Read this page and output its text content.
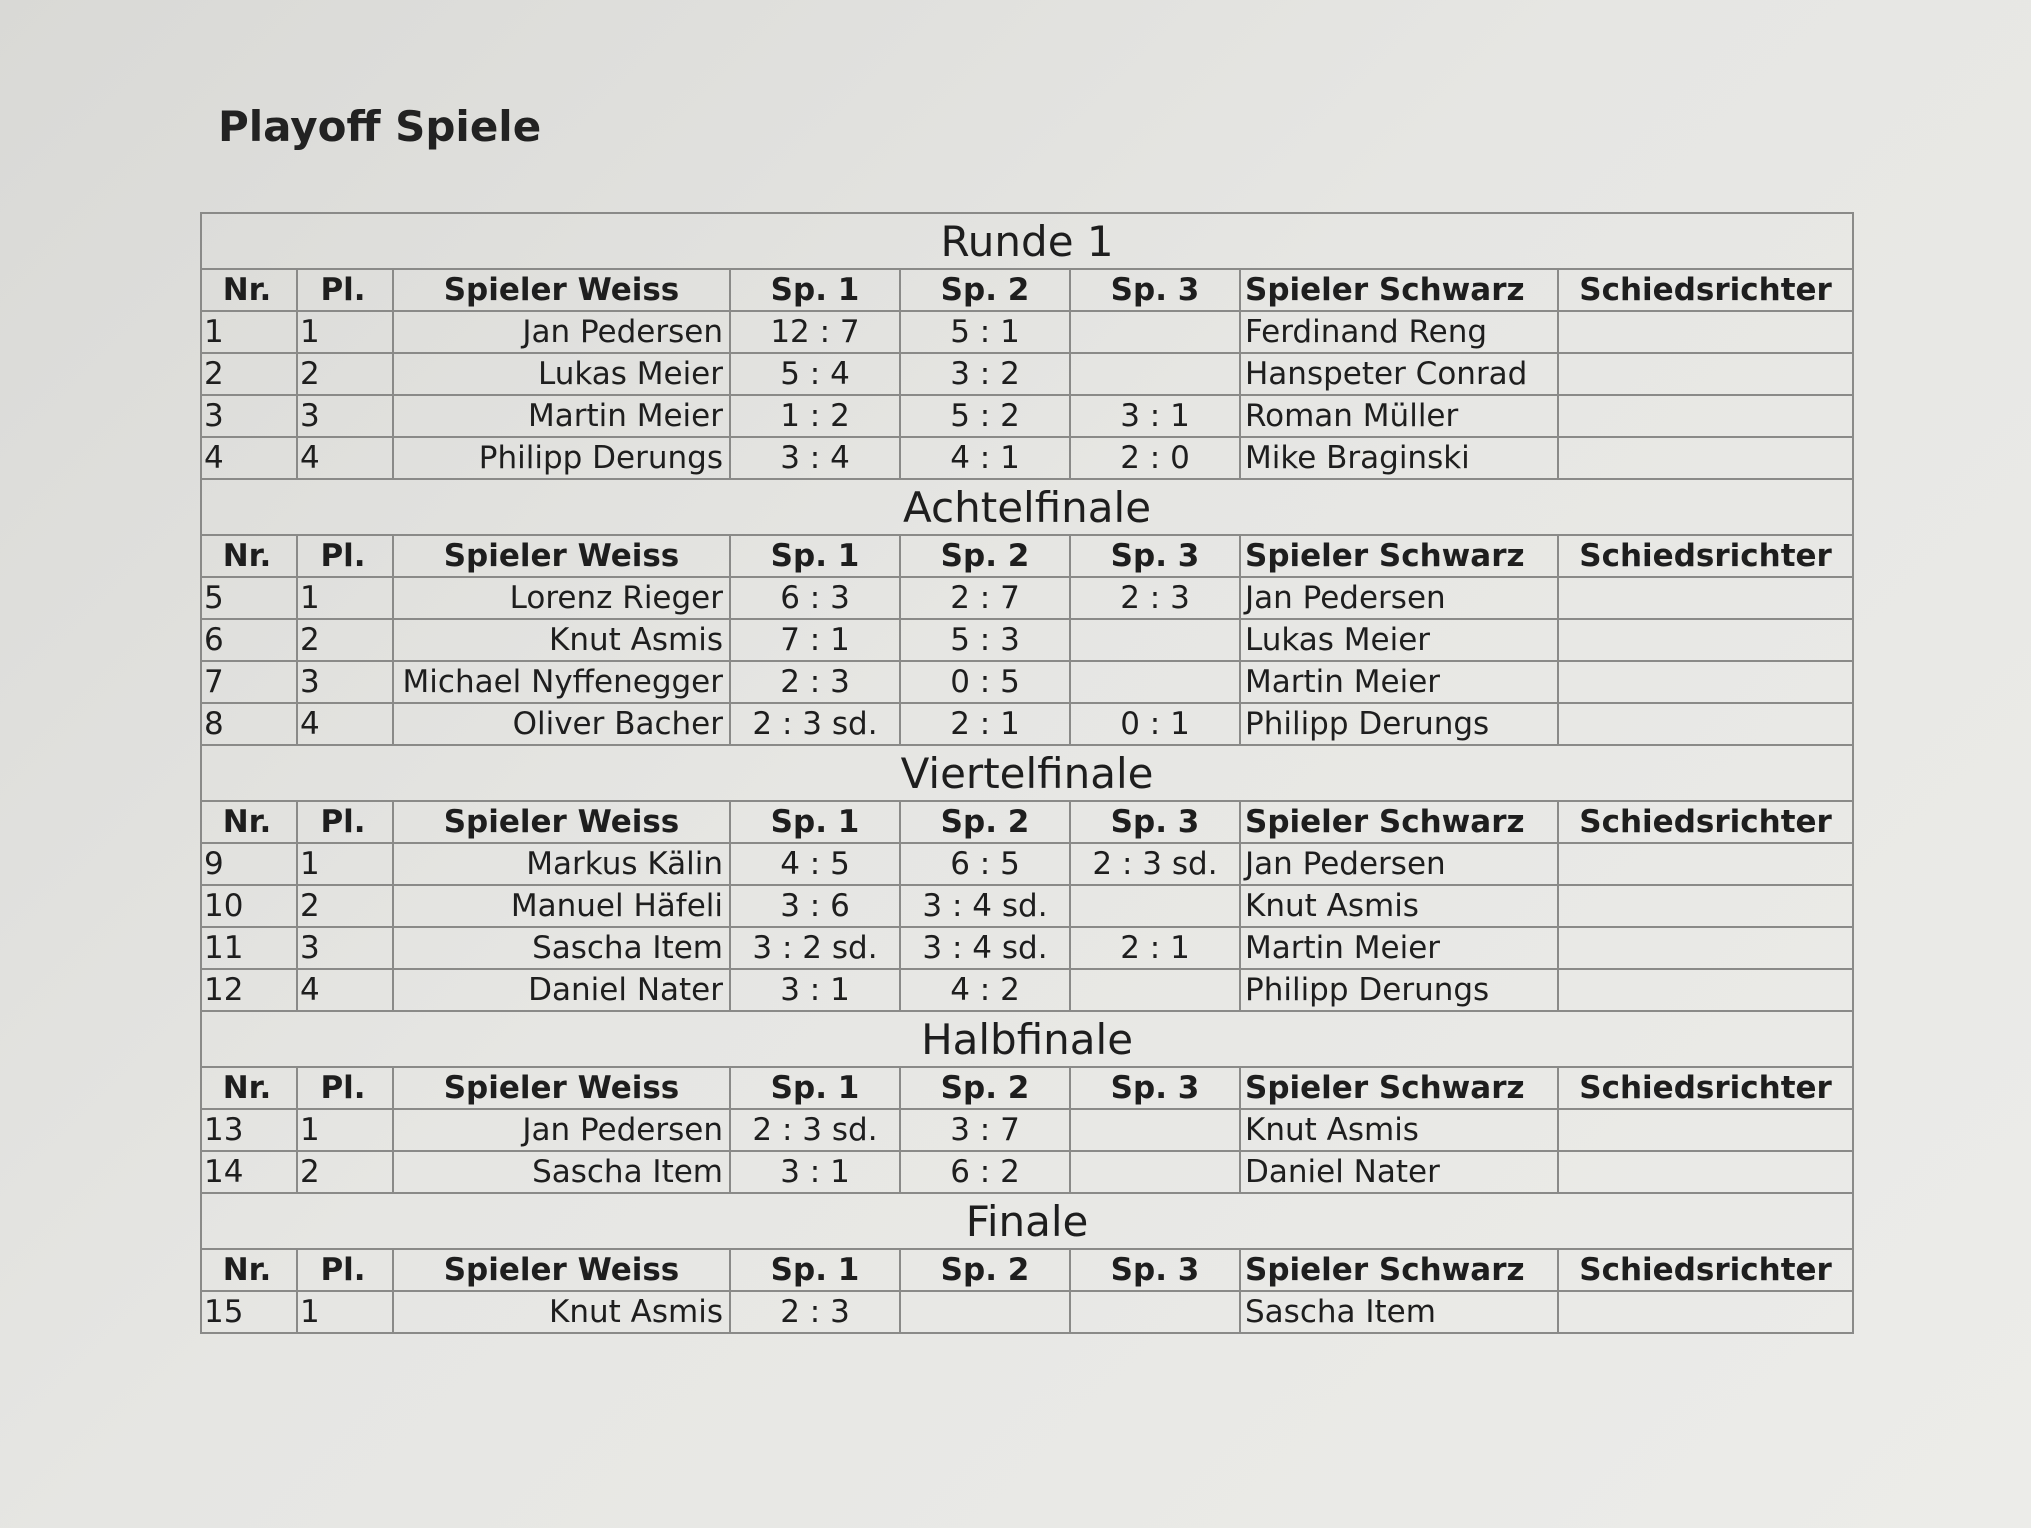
Playoff Spiele
Runde 1							
Nr.	Pl.	Spieler Weiss	Sp. 1	Sp. 2	Sp. 3	Spieler Schwarz	Schiedsrichter
1	1	Jan Pedersen	12 : 7	5 : 1		Ferdinand Reng	
2	2	Lukas Meier	5 : 4	3 : 2		Hanspeter Conrad	
3	3	Martin Meier	1 : 2	5 : 2	3 : 1	Roman Müller	
4	4	Philipp Derungs	3 : 4	4 : 1	2 : 0	Mike Braginski	
Achtelfinale							
Nr.	Pl.	Spieler Weiss	Sp. 1	Sp. 2	Sp. 3	Spieler Schwarz	Schiedsrichter
5	1	Lorenz Rieger	6 : 3	2 : 7	2 : 3	Jan Pedersen	
6	2	Knut Asmis	7 : 1	5 : 3		Lukas Meier	
7	3	Michael Nyffenegger	2 : 3	0 : 5		Martin Meier	
8	4	Oliver Bacher	2 : 3 sd.	2 : 1	0 : 1	Philipp Derungs	
Viertelfinale							
Nr.	Pl.	Spieler Weiss	Sp. 1	Sp. 2	Sp. 3	Spieler Schwarz	Schiedsrichter
9	1	Markus Kälin	4 : 5	6 : 5	2 : 3 sd.	Jan Pedersen	
10	2	Manuel Häfeli	3 : 6	3 : 4 sd.		Knut Asmis	
11	3	Sascha Item	3 : 2 sd.	3 : 4 sd.	2 : 1	Martin Meier	
12	4	Daniel Nater	3 : 1	4 : 2		Philipp Derungs	
Halbfinale							
Nr.	Pl.	Spieler Weiss	Sp. 1	Sp. 2	Sp. 3	Spieler Schwarz	Schiedsrichter
13	1	Jan Pedersen	2 : 3 sd.	3 : 7		Knut Asmis	
14	2	Sascha Item	3 : 1	6 : 2		Daniel Nater	
Finale							
Nr.	Pl.	Spieler Weiss	Sp. 1	Sp. 2	Sp. 3	Spieler Schwarz	Schiedsrichter
15	1	Knut Asmis	2 : 3			Sascha Item	
